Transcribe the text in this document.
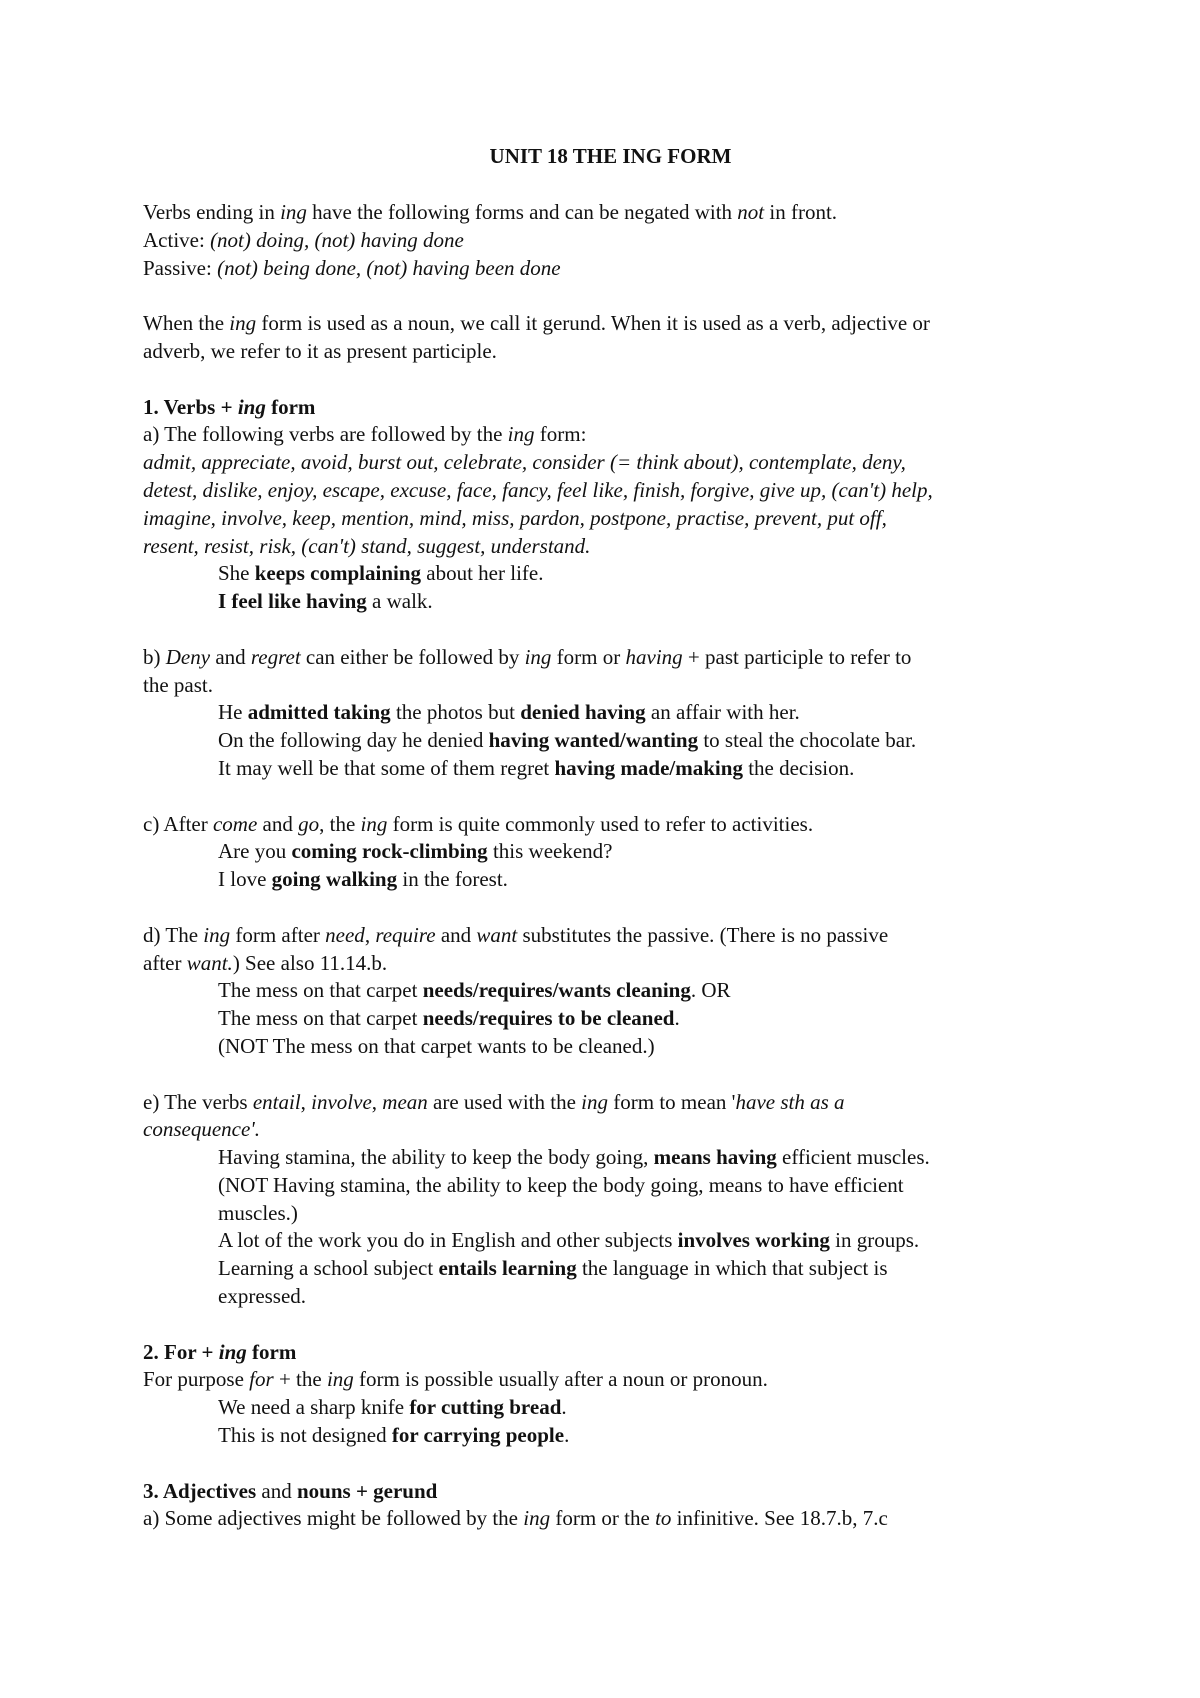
UNIT 18 THE ING FORM
Verbs ending in ing have the following forms and can be negated with not in front.
Active: (not) doing, (not) having done
Passive: (not) being done, (not) having been done
When the ing form is used as a noun, we call it gerund. When it is used as a verb, adjective or
adverb, we refer to it as present participle.
1. Verbs + ing form
a) The following verbs are followed by the ing form:
admit, appreciate, avoid, burst out, celebrate, consider (= think about), contemplate, deny,
detest, dislike, enjoy, escape, excuse, face, fancy, feel like, finish, forgive, give up, (can't) help,
imagine, involve, keep, mention, mind, miss, pardon, postpone, practise, prevent, put off,
resent, resist, risk, (can't) stand, suggest, understand.
She keeps complaining about her life.
I feel like having a walk.
b) Deny and regret can either be followed by ing form or having + past participle to refer to
the past.
He admitted taking the photos but denied having an affair with her.
On the following day he denied having wanted/wanting to steal the chocolate bar.
It may well be that some of them regret having made/making the decision.
c) After come and go, the ing form is quite commonly used to refer to activities.
Are you coming rock-climbing this weekend?
I love going walking in the forest.
d) The ing form after need, require and want substitutes the passive. (There is no passive
after want.) See also 11.14.b.
The mess on that carpet needs/requires/wants cleaning. OR
The mess on that carpet needs/requires to be cleaned.
(NOT The mess on that carpet wants to be cleaned.)
e) The verbs entail, involve, mean are used with the ing form to mean 'have sth as a
consequence'.
Having stamina, the ability to keep the body going, means having efficient muscles.
(NOT Having stamina, the ability to keep the body going, means to have efficient
muscles.)
A lot of the work you do in English and other subjects involves working in groups.
Learning a school subject entails learning the language in which that subject is
expressed.
2. For + ing form
For purpose for + the ing form is possible usually after a noun or pronoun.
We need a sharp knife for cutting bread.
This is not designed for carrying people.
3. Adjectives and nouns + gerund
a) Some adjectives might be followed by the ing form or the to infinitive. See 18.7.b, 7.c
